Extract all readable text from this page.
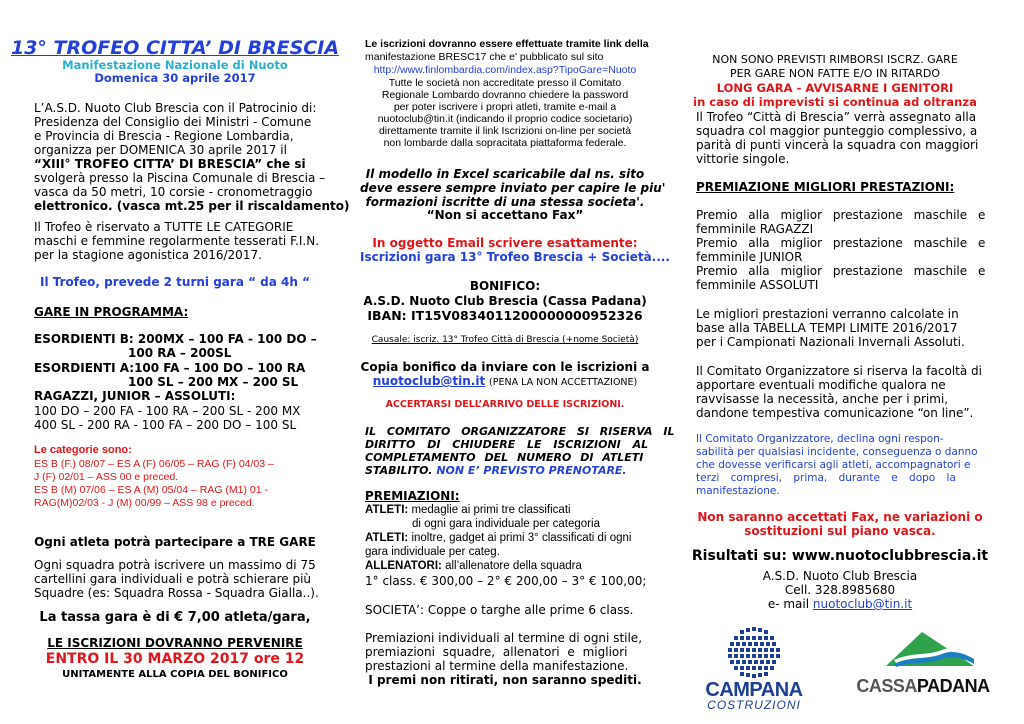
13° TROFEO CITTA’ DI BRESCIA
Manifestazione Nazionale di Nuoto
Domenica 30 aprile 2017
L’A.S.D. Nuoto Club Brescia con il Patrocinio di:
Presidenza del Consiglio dei Ministri - Comune
e Provincia di Brescia - Regione Lombardia,
organizza per DOMENICA 30 aprile 2017 il
“XIII° TROFEO CITTA’ DI BRESCIA” che si
svolgerà presso la Piscina Comunale di Brescia –
vasca da 50 metri, 10 corsie - cronometraggio
elettronico. (vasca mt.25 per il riscaldamento)
Il Trofeo è riservato a TUTTE LE CATEGORIE
maschi e femmine regolarmente tesserati F.I.N.
per la stagione agonistica 2016/2017.
Il Trofeo, prevede 2 turni gara “ da 4h “
GARE IN PROGRAMMA:
ESORDIENTI B: 200MX – 100 FA - 100 DO –
100 RA – 200SL
ESORDIENTI A:100 FA – 100 DO – 100 RA
100 SL – 200 MX – 200 SL
RAGAZZI, JUNIOR – ASSOLUTI:
100 DO – 200 FA - 100 RA – 200 SL - 200 MX
400 SL - 200 RA - 100 FA – 200 DO – 100 SL
Le categorie sono:
ES B (F.) 08/07 – ES A (F) 06/05 – RAG (F) 04/03 –
J (F) 02/01 – ASS 00 e preced.
ES B (M) 07/06 – ES A (M) 05/04 – RAG (M1) 01 -
RAG(M)02/03 - J (M) 00/99 – ASS 98 e preced.
Ogni atleta potrà partecipare a TRE GARE
Ogni squadra potrà iscrivere un massimo di 75
cartellini gara individuali e potrà schierare più
Squadre (es: Squadra Rossa - Squadra Gialla..).
La tassa gara è di € 7,00 atleta/gara,
LE ISCRIZIONI DOVRANNO PERVENIRE
ENTRO IL 30 MARZO 2017 ore 12
UNITAMENTE ALLA COPIA DEL BONIFICO
Le iscrizioni dovranno essere effettuate tramite link della
manifestazione BRESC17 che e' pubblicato sul sito
http://www.finlombardia.com/index.asp?TipoGare=Nuoto
Tutte le società non accreditate presso il Comitato
Regionale Lombardo dovranno chiedere la password
per poter iscrivere i propri atleti, tramite e-mail a
nuotoclub@tin.it (indicando il proprio codice societario)
direttamente tramite il link Iscrizioni on-line per società
non lombarde dalla sopracitata piattaforma federale.
Il modello in Excel scaricabile dal ns. sito
deve essere sempre inviato per capire le piu'
formazioni iscritte di una stessa societa'.
“Non si accettano Fax”
In oggetto Email scrivere esattamente:
Iscrizioni gara 13° Trofeo Brescia + Società....
BONIFICO:
A.S.D. Nuoto Club Brescia (Cassa Padana)
IBAN: IT15V0834011200000000952326
Causale: iscriz. 13° Trofeo Città di Brescia (+nome Società)
Copia bonifico da inviare con le iscrizioni a
nuotoclub@tin.it (PENA LA NON ACCETTAZIONE)
ACCERTARSI DELL’ARRIVO DELLE ISCRIZIONI.
IL COMITATO ORGANIZZATORE SI RISERVA IL
DIRITTO DI CHIUDERE LE ISCRIZIONI AL
COMPLETAMENTO DEL NUMERO DI ATLETI
STABILITO. NON E’ PREVISTO PRENOTARE.
PREMIAZIONI:
ATLETI: medaglie ai primi tre classificati
di ogni gara individuale per categoria
ATLETI: inoltre, gadget ai primi 3° classificati di ogni
gara individuale per categ.
ALLENATORI: all’allenatore della squadra
1° class. € 300,00 – 2° € 200,00 – 3° € 100,00;
SOCIETA’: Coppe o targhe alle prime 6 class.
Premiazioni individuali al termine di ogni stile,
premiazioni squadre, allenatori e migliori
prestazioni al termine della manifestazione.
I premi non ritirati, non saranno spediti.
NON SONO PREVISTI RIMBORSI ISCRZ. GARE
PER GARE NON FATTE E/O IN RITARDO
LONG GARA - AVVISARNE I GENITORI
in caso di imprevisti si continua ad oltranza
Il Trofeo “Città di Brescia” verrà assegnato alla
squadra col maggior punteggio complessivo, a
parità di punti vincerà la squadra con maggiori
vittorie singole.
PREMIAZIONE MIGLIORI PRESTAZIONI:
Premio alla miglior prestazione maschile e
femminile RAGAZZI
Premio alla miglior prestazione maschile e
femminile JUNIOR
Premio alla miglior prestazione maschile e
femminile ASSOLUTI
Le migliori prestazioni verranno calcolate in
base alla TABELLA TEMPI LIMITE 2016/2017
per i Campionati Nazionali Invernali Assoluti.
Il Comitato Organizzatore si riserva la facoltà di
apportare eventuali modifiche qualora ne
ravvisasse la necessità, anche per i primi,
dandone tempestiva comunicazione “on line”.
Il Comitato Organizzatore, declina ogni respon-
sabilità per qualsiasi incidente, conseguenza o danno
che dovesse verificarsi agli atleti, accompagnatori e
terzi compresi, prima, durante e dopo la
manifestazione.
Non saranno accettati Fax, ne variazioni o
sostituzioni sul piano vasca.
Risultati su: www.nuotoclubbrescia.it
A.S.D. Nuoto Club Brescia
Cell. 328.8985680
e- mail nuotoclub@tin.it
CAMPANA
COSTRUZIONI
CASSAPADANA
